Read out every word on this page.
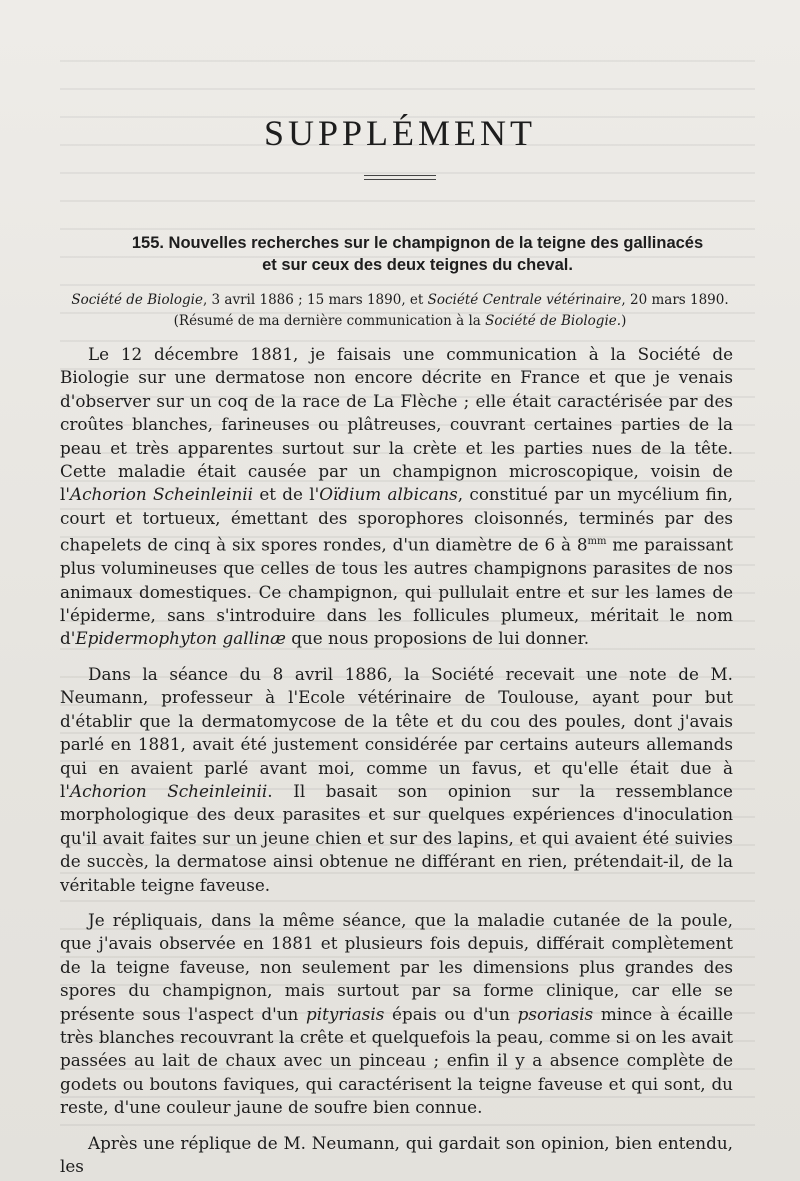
SUPPLÉMENT
155. Nouvelles recherches sur le champignon de la teigne des gallinacés
et sur ceux des deux teignes du cheval.
Société de Biologie, 3 avril 1886 ; 15 mars 1890, et Société Centrale vétérinaire, 20 mars 1890.
(Résumé de ma dernière communication à la Société de Biologie.)

Le 12 décembre 1881, je faisais une communication à la Société de Biologie sur une dermatose non encore décrite en France et que je venais d'observer sur un coq de la race de La Flèche ; elle était caractérisée par des croûtes blanches, farineuses ou plâtreuses, couvrant certaines parties de la peau et très apparentes surtout sur la crète et les parties nues de la tête. Cette maladie était causée par un champignon microscopique, voisin de l'Achorion Scheinleinii et de l'Oïdium albicans, constitué par un mycélium fin, court et tortueux, émettant des sporophores cloisonnés, terminés par des chapelets de cinq à six spores rondes, d'un diamètre de 6 à $8^{mm}$ me paraissant plus volumineuses que celles de tous les autres champignons parasites de nos animaux domestiques. Ce champignon, qui pullulait entre et sur les lames de l'épiderme, sans s'introduire dans les follicules plumeux, méritait le nom d'Epidermophyton gallinæ que nous proposions de lui donner.

Dans la séance du 8 avril 1886, la Société recevait une note de M. Neumann, professeur à l'Ecole vétérinaire de Toulouse, ayant pour but d'établir que la dermatomycose de la tête et du cou des poules, dont j'avais parlé en 1881, avait été justement considérée par certains auteurs allemands qui en avaient parlé avant moi, comme un favus, et qu'elle était due à l'Achorion Scheinleinii. Il basait son opinion sur la ressemblance morphologique des deux parasites et sur quelques expériences d'inoculation qu'il avait faites sur un jeune chien et sur des lapins, et qui avaient été suivies de succès, la dermatose ainsi obtenue ne différant en rien, prétendait-il, de la véritable teigne faveuse.

Je répliquais, dans la même séance, que la maladie cutanée de la poule, que j'avais observée en 1881 et plusieurs fois depuis, différait complètement de la teigne faveuse, non seulement par les dimensions plus grandes des spores du champignon, mais surtout par sa forme clinique, car elle se présente sous l'aspect d'un pityriasis épais ou d'un psoriasis mince à écaille très blanches recouvrant la crête et quelquefois la peau, comme si on les avait passées au lait de chaux avec un pinceau ; enfin il y a absence complète de godets ou boutons faviques, qui caractérisent la teigne faveuse et qui sont, du reste, d'une couleur jaune de soufre bien connue.

Après une réplique de M. Neumann, qui gardait son opinion, bien entendu, les
